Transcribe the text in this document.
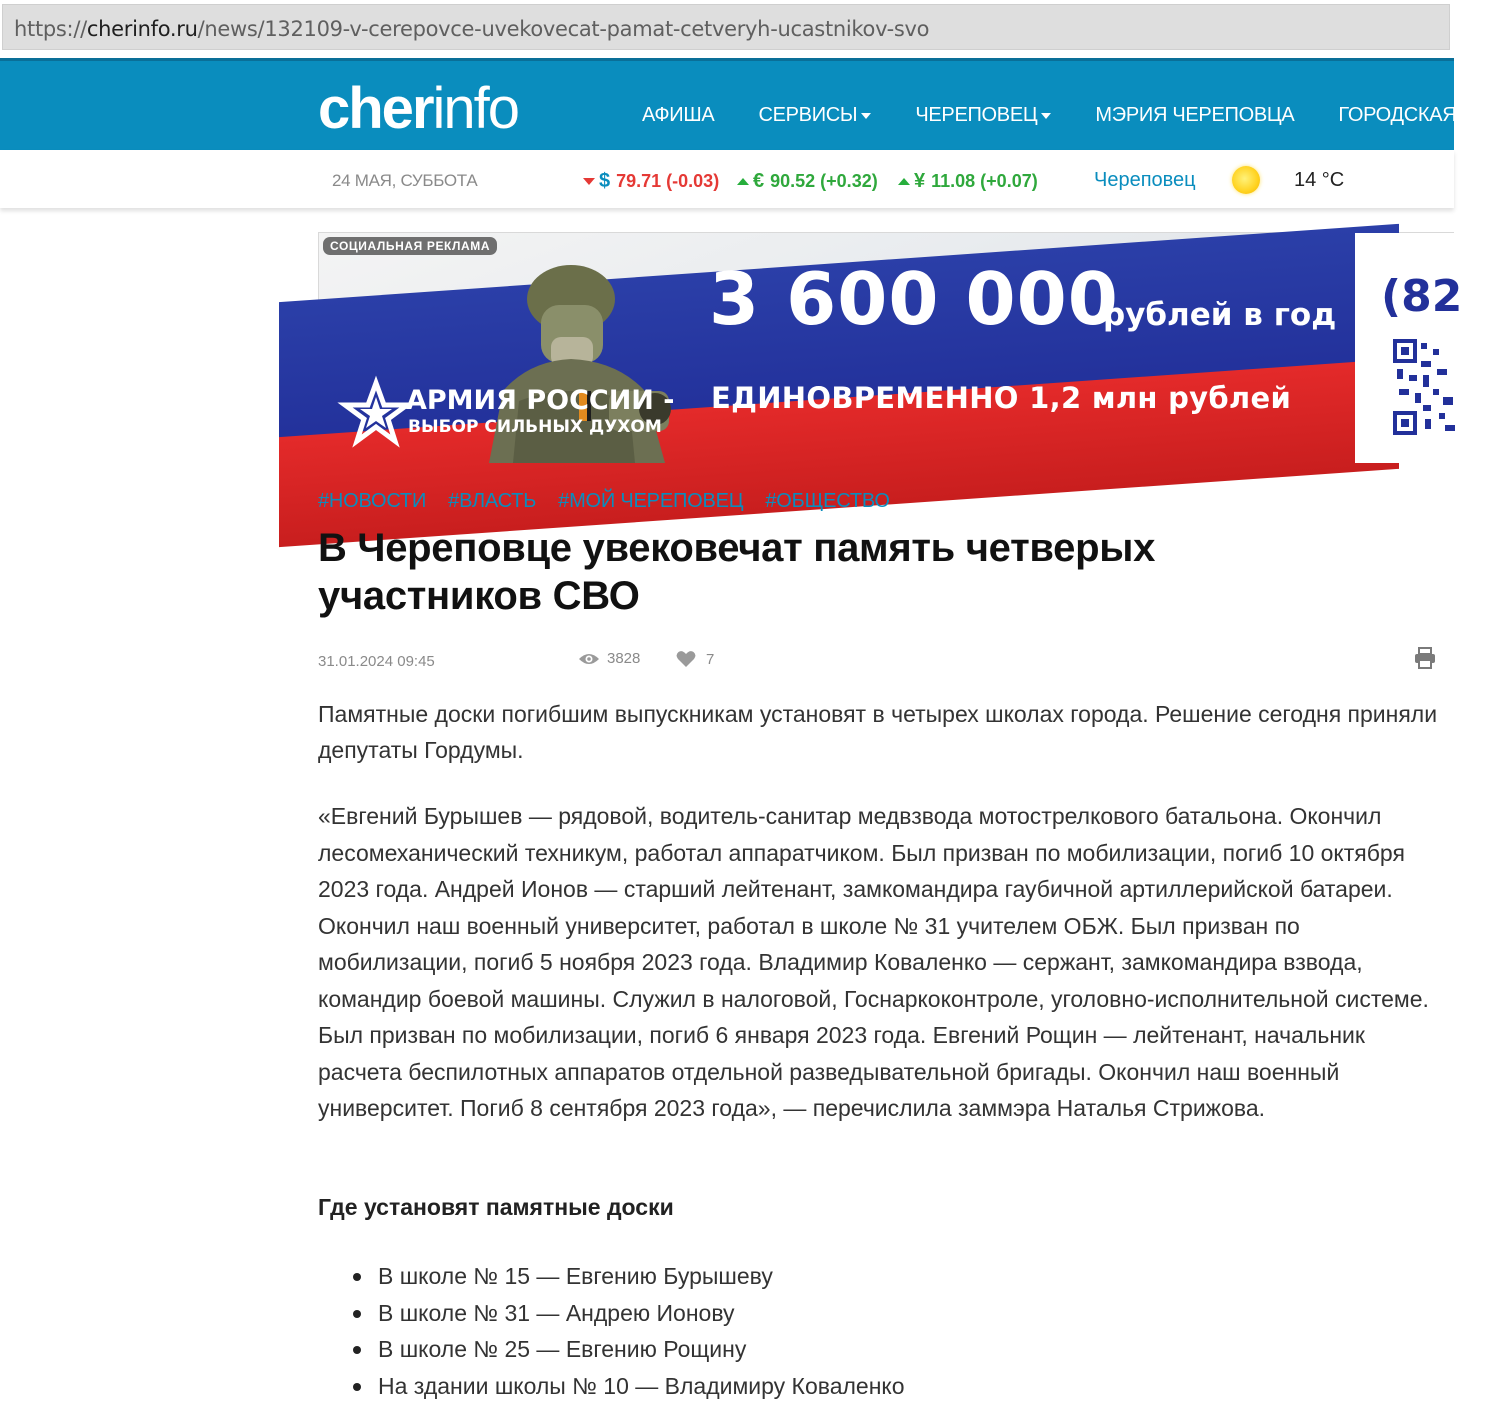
https://cherinfo.ru/news/132109-v-cerepovce-uvekovecat-pamat-cetveryh-ucastnikov-svo
cherinfo	АФИША СЕРВИСЫ	ЧЕРЕПОВЕЦ	МЭРИЯ ЧЕРЕПОВЦА ГОРОДСКАЯ
24 МАЯ, СУББОТА	$ 79.71 (-0.03) € 90.52 (+0.32) ¥ 11.08 (+0.07)	Череповец	14 °C
3 600 000
рублей в год
ЕДИНОВРЕМЕННО 1,2 млн рублей
АРМИЯ РОССИИ -
ВЫБОР СИЛЬНЫХ ДУХОМ
(82
СОЦИАЛЬНАЯ РЕКЛАМА
#НОВОСТИ #ВЛАСТЬ #МОЙ ЧЕРЕПОВЕЦ #ОБЩЕСТВО
В Череповце увековечат память четверых участников СВО
31.01.2024 09:45	3828	7

Памятные доски погибшим выпускникам установят в четырех школах города. Решение сегодня приняли депутаты Гордумы.

«Евгений Бурышев — рядовой, водитель-санитар медвзвода мотострелкового батальона. Окончил лесомеханический техникум, работал аппаратчиком. Был призван по мобилизации, погиб 10 октября 2023 года. Андрей Ионов — старший лейтенант, замкомандира гаубичной артиллерийской батареи. Окончил наш военный университет, работал в школе № 31 учителем ОБЖ. Был призван по мобилизации, погиб 5 ноября 2023 года. Владимир Коваленко — сержант, замкомандира взвода, командир боевой машины. Служил в налоговой, Госнаркоконтроле, уголовно-исполнительной системе. Был призван по мобилизации, погиб 6 января 2023 года. Евгений Рощин — лейтенант, начальник расчета беспилотных аппаратов отдельной разведывательной бригады. Окончил наш военный университет. Погиб 8 сентября 2023 года», — перечислила заммэра Наталья Стрижова.

Где установят памятные доски
В школе № 15 — Евгению Бурышеву
В школе № 31 — Андрею Ионову
В школе № 25 — Евгению Рощину
На здании школы № 10 — Владимиру Коваленко
